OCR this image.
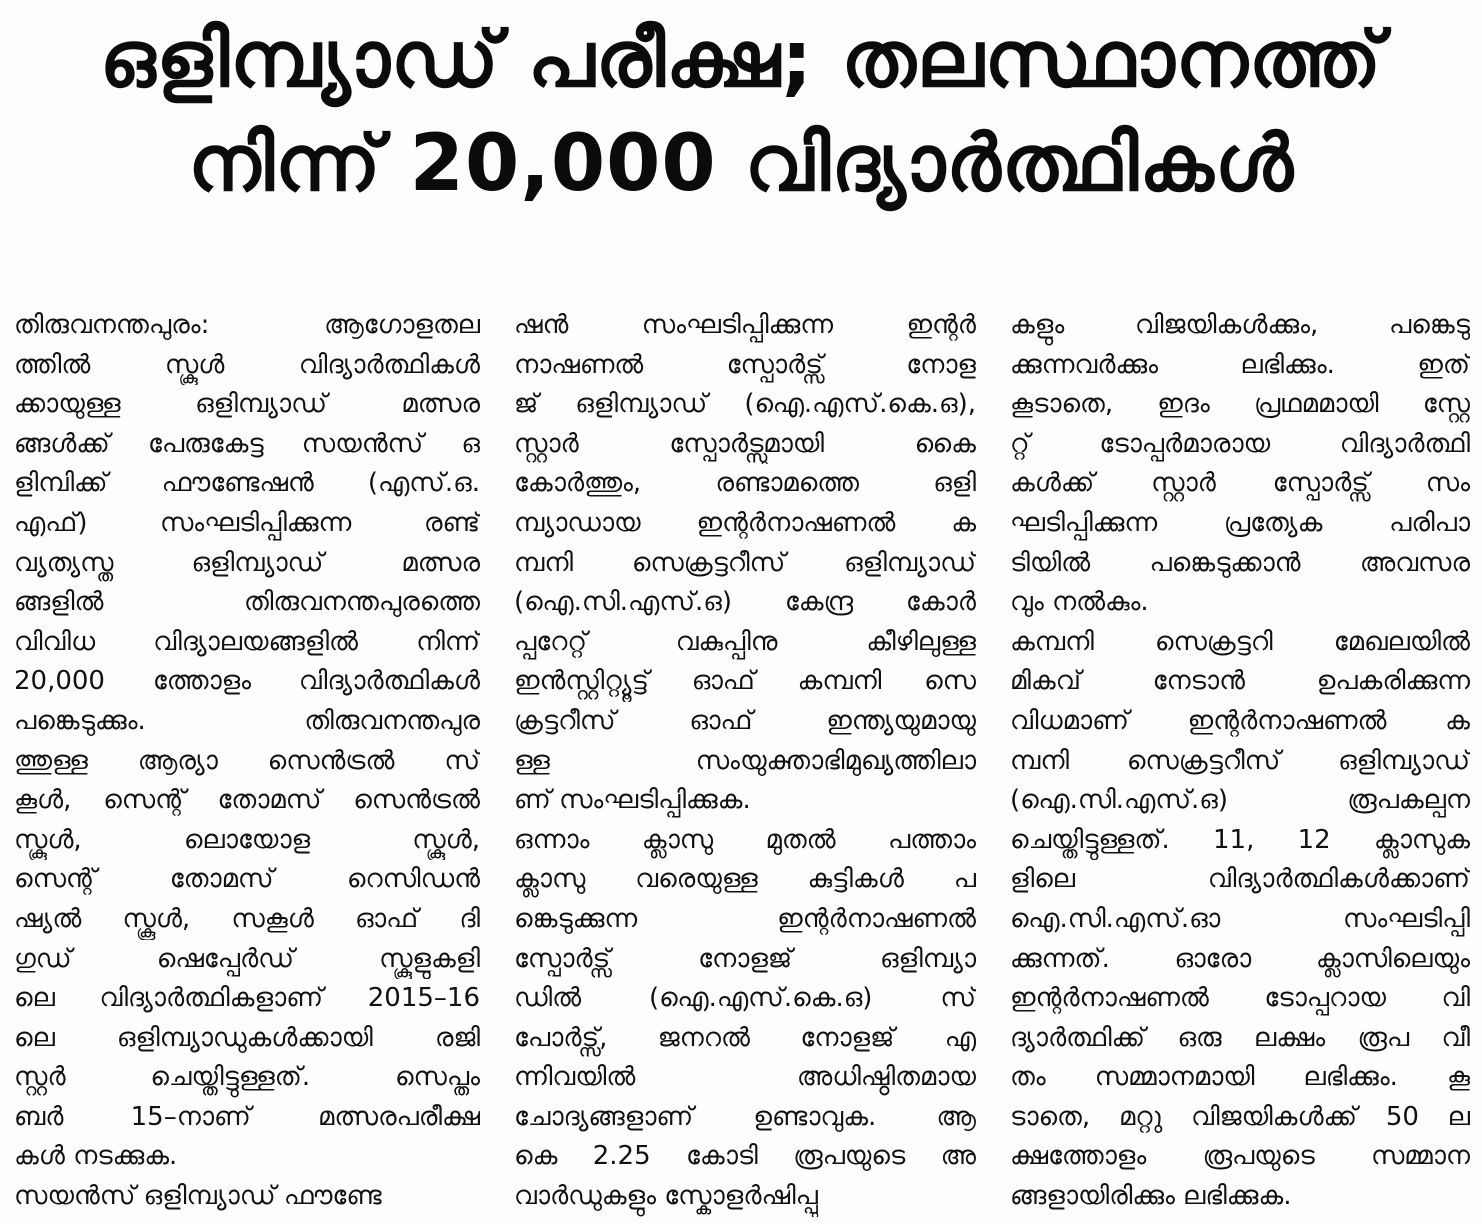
ഒളിമ്പ്യാഡ് പരീക്ഷ; തലസ്ഥാനത്ത്
നിന്ന് 20,000 വിദ്യാർത്ഥികൾ
തിരുവനന്തപുരം: ആഗോളതല
ത്തിൽ സ്കൂൾ വിദ്യാർത്ഥികൾ
ക്കായുള്ള ഒളിമ്പ്യാഡ് മത്സര
ങ്ങൾക്ക് പേരുകേട്ട സയൻസ് ഒ
ളിമ്പിക്ക് ഫൗണ്ടേഷൻ (എസ്.ഒ.
എഫ്) സംഘടിപ്പിക്കുന്ന രണ്ട്
വ്യത്യസ്ത ഒളിമ്പ്യാഡ് മത്സര
ങ്ങളിൽ തിരുവനന്തപുരത്തെ
വിവിധ വിദ്യാലയങ്ങളിൽ നിന്ന്
20,000 ത്തോളം വിദ്യാർത്ഥികൾ
പങ്കെടുക്കും. തിരുവനന്തപുര
ത്തുള്ള ആര്യാ സെൻട്രൽ സ്
കൂൾ, സെന്റ് തോമസ് സെൻട്രൽ
സ്കൂൾ, ലൊയോള സ്കൂൾ,
സെന്റ് തോമസ് റെസിഡൻ
ഷ്യൽ സ്കൂൾ, സകൂൾ ഓഫ് ദി
ഗുഡ് ഷെപ്പേർഡ് സ്കൂളുകളി
ലെ വിദ്യാർത്ഥികളാണ് 2015–16
ലെ ഒളിമ്പ്യാഡുകൾക്കായി രജി
സ്റ്റർ ചെയ്തിട്ടുള്ളത്. സെപ്തം
ബർ 15–നാണ് മത്സരപരീക്ഷ
കൾ നടക്കുക.
സയൻസ് ഒളിമ്പ്യാഡ് ഫൗണ്ടേ
ഷൻ സംഘടിപ്പിക്കുന്ന ഇന്റർ
നാഷണൽ സ്പോർട്സ് നോള
ജ് ഒളിമ്പ്യാഡ് (ഐ.എസ്.കെ.ഒ),
സ്റ്റാർ സ്പോർട്സുമായി കൈ
കോർത്തും, രണ്ടാമത്തെ ഒളി
മ്പ്യാഡായ ഇന്റർനാഷണൽ ക
മ്പനി സെക്രട്ടറീസ് ഒളിമ്പ്യാഡ്
(ഐ.സി.എസ്.ഒ) കേന്ദ്ര കോർ
പ്പറേറ്റ് വകുപ്പിനു കീഴിലുള്ള
ഇൻസ്റ്റിറ്റ്യൂട്ട് ഓഫ് കമ്പനി സെ
ക്രട്ടറീസ് ഓഫ് ഇന്ത്യയുമായു
ള്ള സംയുക്താഭിമുഖ്യത്തിലാ
ണ് സംഘടിപ്പിക്കുക.
ഒന്നാം ക്ലാസു മുതൽ പത്താം
ക്ലാസു വരെയുള്ള കുട്ടികൾ പ
ങ്കെടുക്കുന്ന ഇന്റർനാഷണൽ
സ്പോർട്സ് നോളജ് ഒളിമ്പ്യാ
ഡിൽ (ഐ.എസ്.കെ.ഒ) സ്
പോർട്സ്, ജനറൽ നോളജ് എ
ന്നിവയിൽ അധിഷ്ഠിതമായ
ചോദ്യങ്ങളാണ് ഉണ്ടാവുക. ആ
കെ 2.25 കോടി രൂപയുടെ അ
വാർഡുകളും സ്കോളർഷിപ്പു
കളും വിജയികൾക്കും, പങ്കെടു
ക്കുന്നവർക്കും ലഭിക്കും. ഇത്
കൂടാതെ, ഇദം പ്രഥമമായി സ്റ്റേ
റ്റ് ടോപ്പർമാരായ വിദ്യാർത്ഥി
കൾക്ക് സ്റ്റാർ സ്പോർട്സ് സം
ഘടിപ്പിക്കുന്ന പ്രത്യേക പരിപാ
ടിയിൽ പങ്കെടുക്കാൻ അവസര
വും നൽകും.
കമ്പനി സെക്രട്ടറി മേഖലയിൽ
മികവ് നേടാൻ ഉപകരിക്കുന്ന
വിധമാണ് ഇന്റർനാഷണൽ ക
മ്പനി സെക്രട്ടറീസ് ഒളിമ്പ്യാഡ്
(ഐ.സി.എസ്.ഒ) രൂപകല്പന
ചെയ്തിട്ടുള്ളത്. 11, 12 ക്ലാസുക
ളിലെ വിദ്യാർത്ഥികൾക്കാണ്
ഐ.സി.എസ്.ഓ സംഘടിപ്പി
ക്കുന്നത്. ഓരോ ക്ലാസിലെയും
ഇന്റർനാഷണൽ ടോപ്പറായ വി
ദ്യാർത്ഥിക്ക് ഒരു ലക്ഷം രൂപ വീ
തം സമ്മാനമായി ലഭിക്കും. കൂ
ടാതെ, മറ്റു വിജയികൾക്ക് 50 ല
ക്ഷത്തോളം രൂപയുടെ സമ്മാന
ങ്ങളായിരിക്കും ലഭിക്കുക.
